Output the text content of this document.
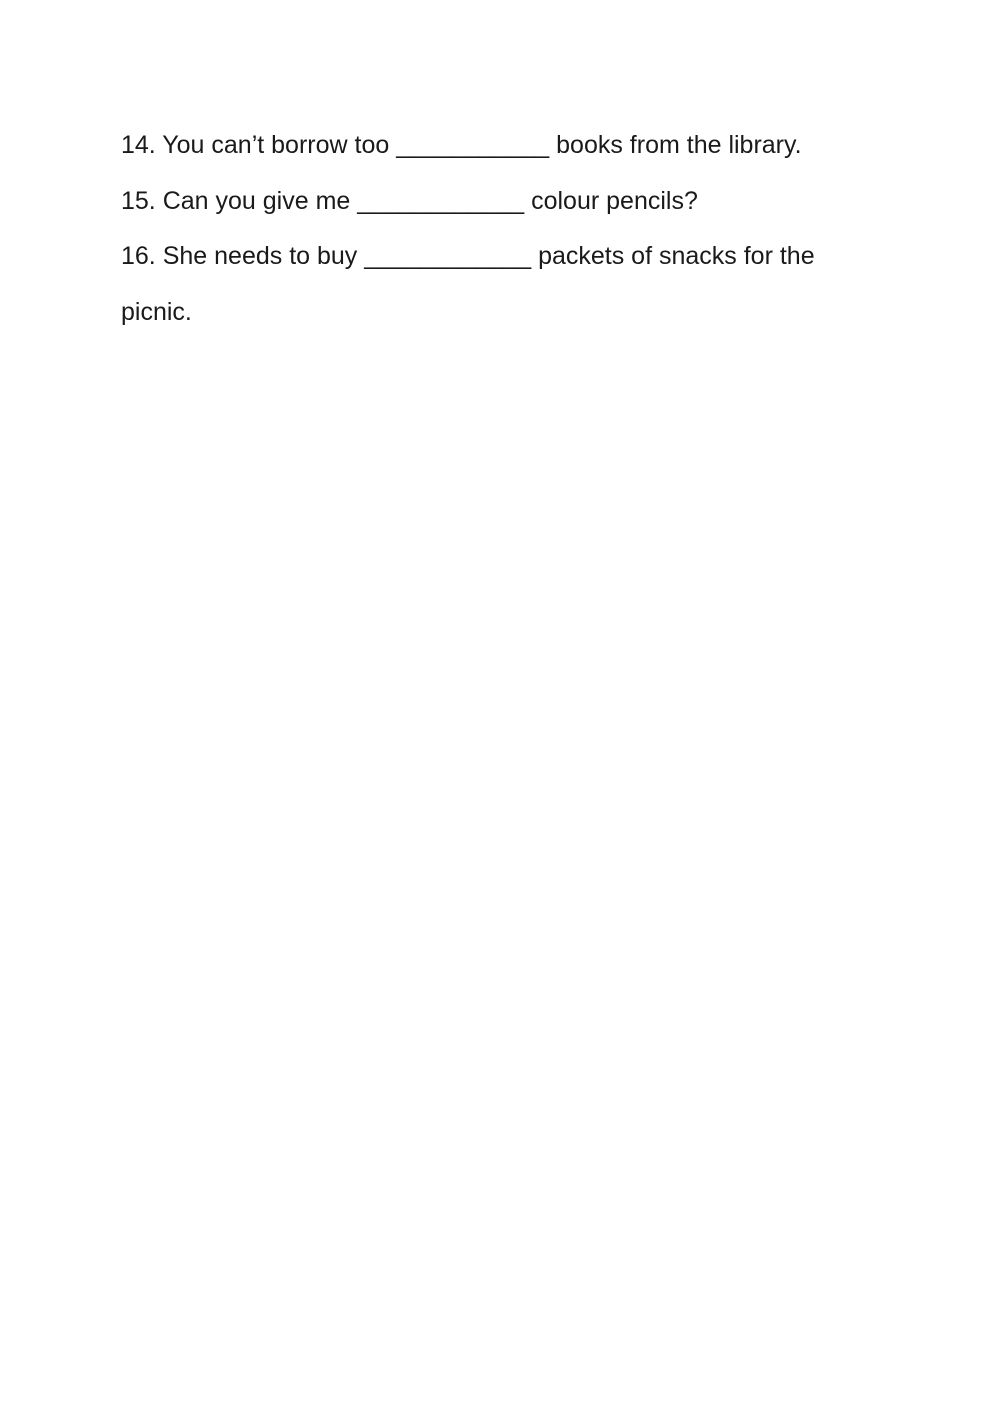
14. You can’t borrow too ___________ books from the library.

15. Can you give me ____________ colour pencils?

16. She needs to buy ____________ packets of snacks for the picnic.
